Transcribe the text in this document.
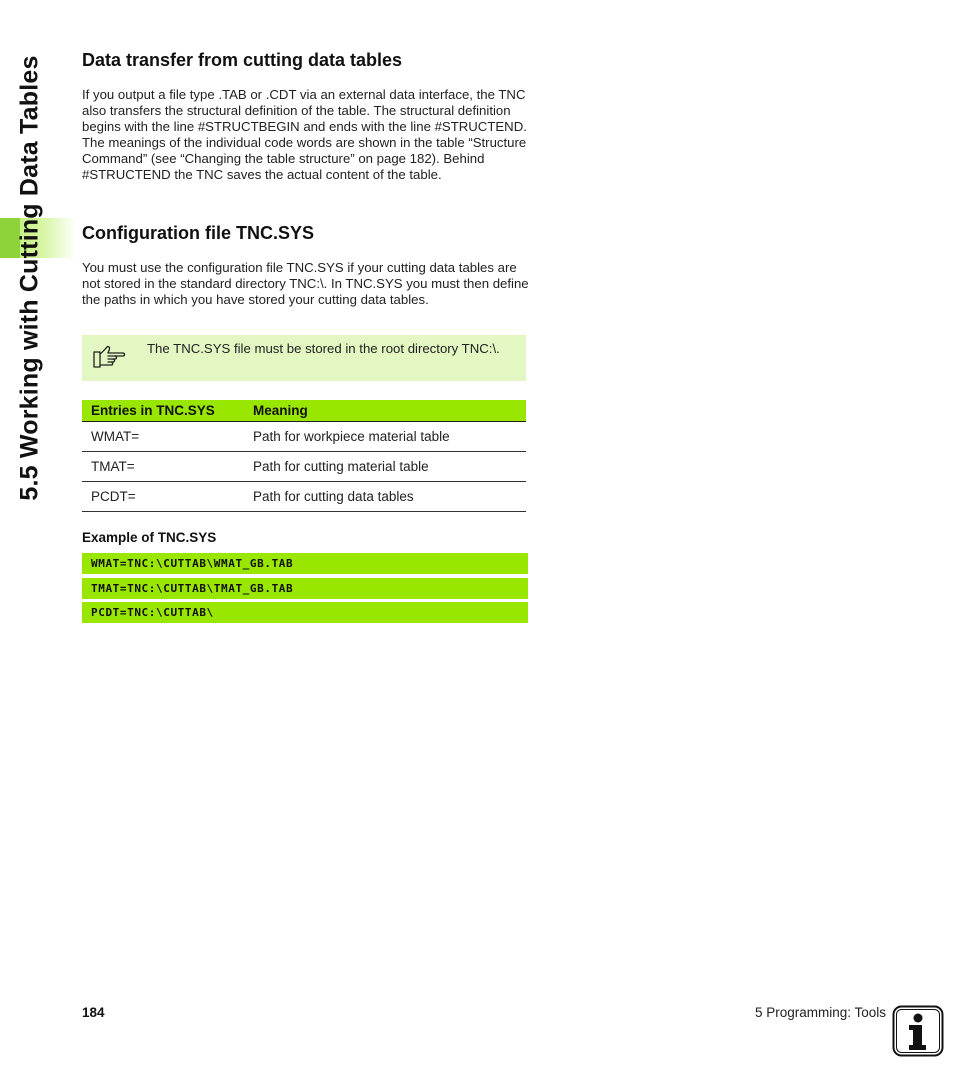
5.5 Working with Cutting Data Tables Data transfer from cutting data tables

If you output a file type .TAB or .CDT via an external data interface, the TNC also transfers the structural definition of the table. The structural definition begins with the line #STRUCTBEGIN and ends with the line #STRUCTEND. The meanings of the individual code words are shown in the table “Structure Command” (see “Changing the table structure” on page 182). Behind #STRUCTEND the TNC saves the actual content of the table.

Configuration file TNC.SYS

You must use the configuration file TNC.SYS if your cutting data tables are not stored in the standard directory TNC:\. In TNC.SYS you must then define the paths in which you have stored your cutting data tables.

The TNC.SYS file must be stored in the root directory TNC:\.
Entries in TNC.SYS	Meaning
WMAT=	Path for workpiece material table
TMAT=	Path for cutting material table
PCDT=	Path for cutting data tables
Example of TNC.SYS
WMAT=TNC:\CUTTAB\WMAT_GB.TAB
TMAT=TNC:\CUTTAB\TMAT_GB.TAB
PCDT=TNC:\CUTTAB\
184	5 Programming: Tools
